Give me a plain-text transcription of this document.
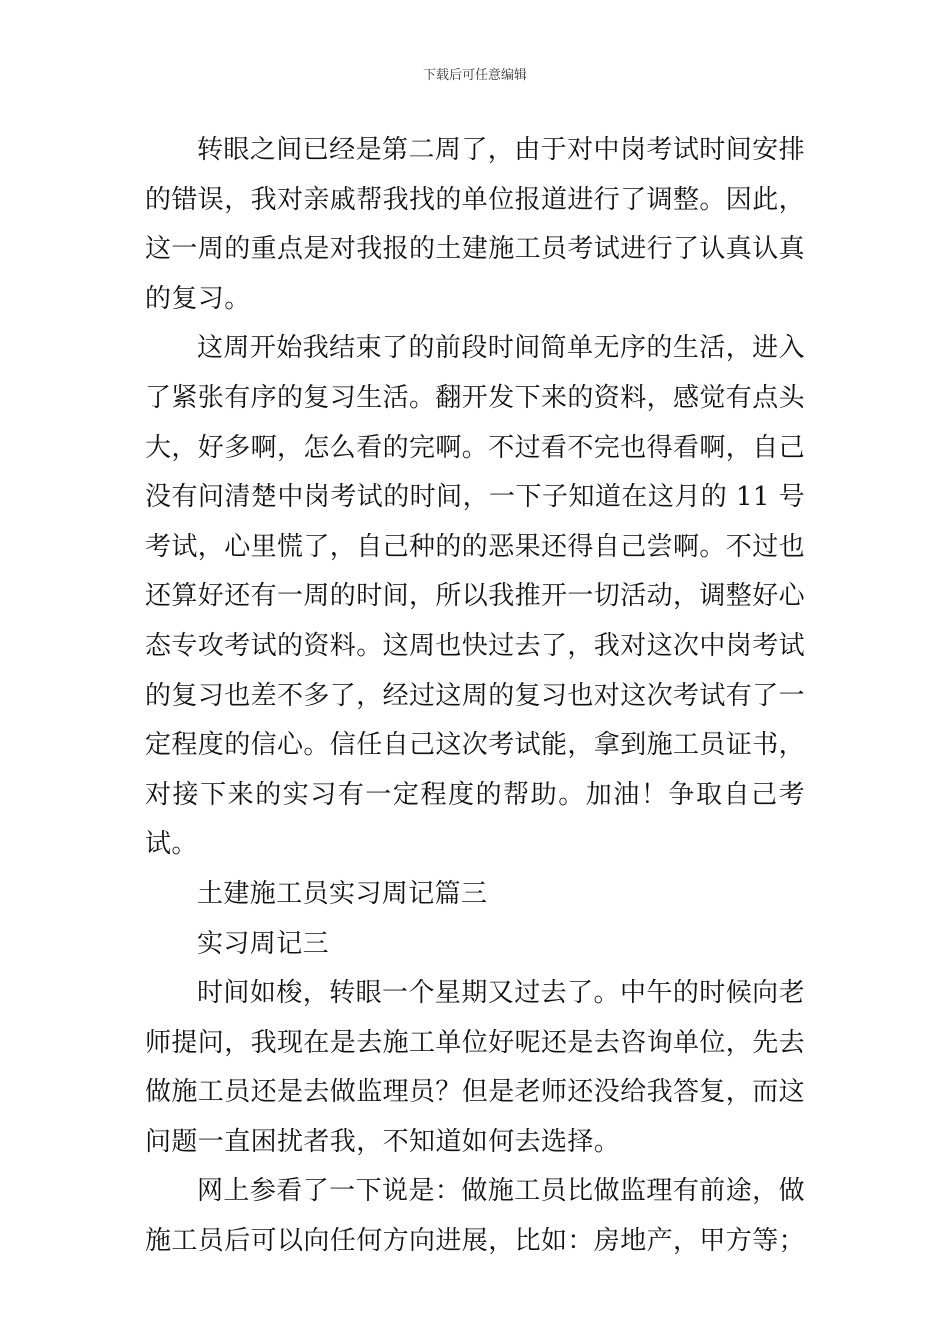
下载后可任意编辑

转眼之间已经是第二周了，由于对中岗考试时间安排的错误，我对亲戚帮我找的单位报道进行了调整。因此，这一周的重点是对我报的土建施工员考试进行了认真认真的复习。

这周开始我结束了的前段时间简单无序的生活，进入了紧张有序的复习生活。翻开发下来的资料，感觉有点头大，好多啊，怎么看的完啊。不过看不完也得看啊，自己没有问清楚中岗考试的时间，一下子知道在这月的 11 号考试，心里慌了，自己种的的恶果还得自己尝啊。不过也还算好还有一周的时间，所以我推开一切活动，调整好心态专攻考试的资料。这周也快过去了，我对这次中岗考试的复习也差不多了，经过这周的复习也对这次考试有了一定程度的信心。信任自己这次考试能，拿到施工员证书，对接下来的实习有一定程度的帮助。加油！争取自己考试。

土建施工员实习周记篇三

实习周记三

时间如梭，转眼一个星期又过去了。中午的时候向老师提问，我现在是去施工单位好呢还是去咨询单位，先去做施工员还是去做监理员？但是老师还没给我答复，而这问题一直困扰者我，不知道如何去选择。

网上参看了一下说是：做施工员比做监理有前途，做施工员后可以向任何方向进展，比如：房地产，甲方等；
